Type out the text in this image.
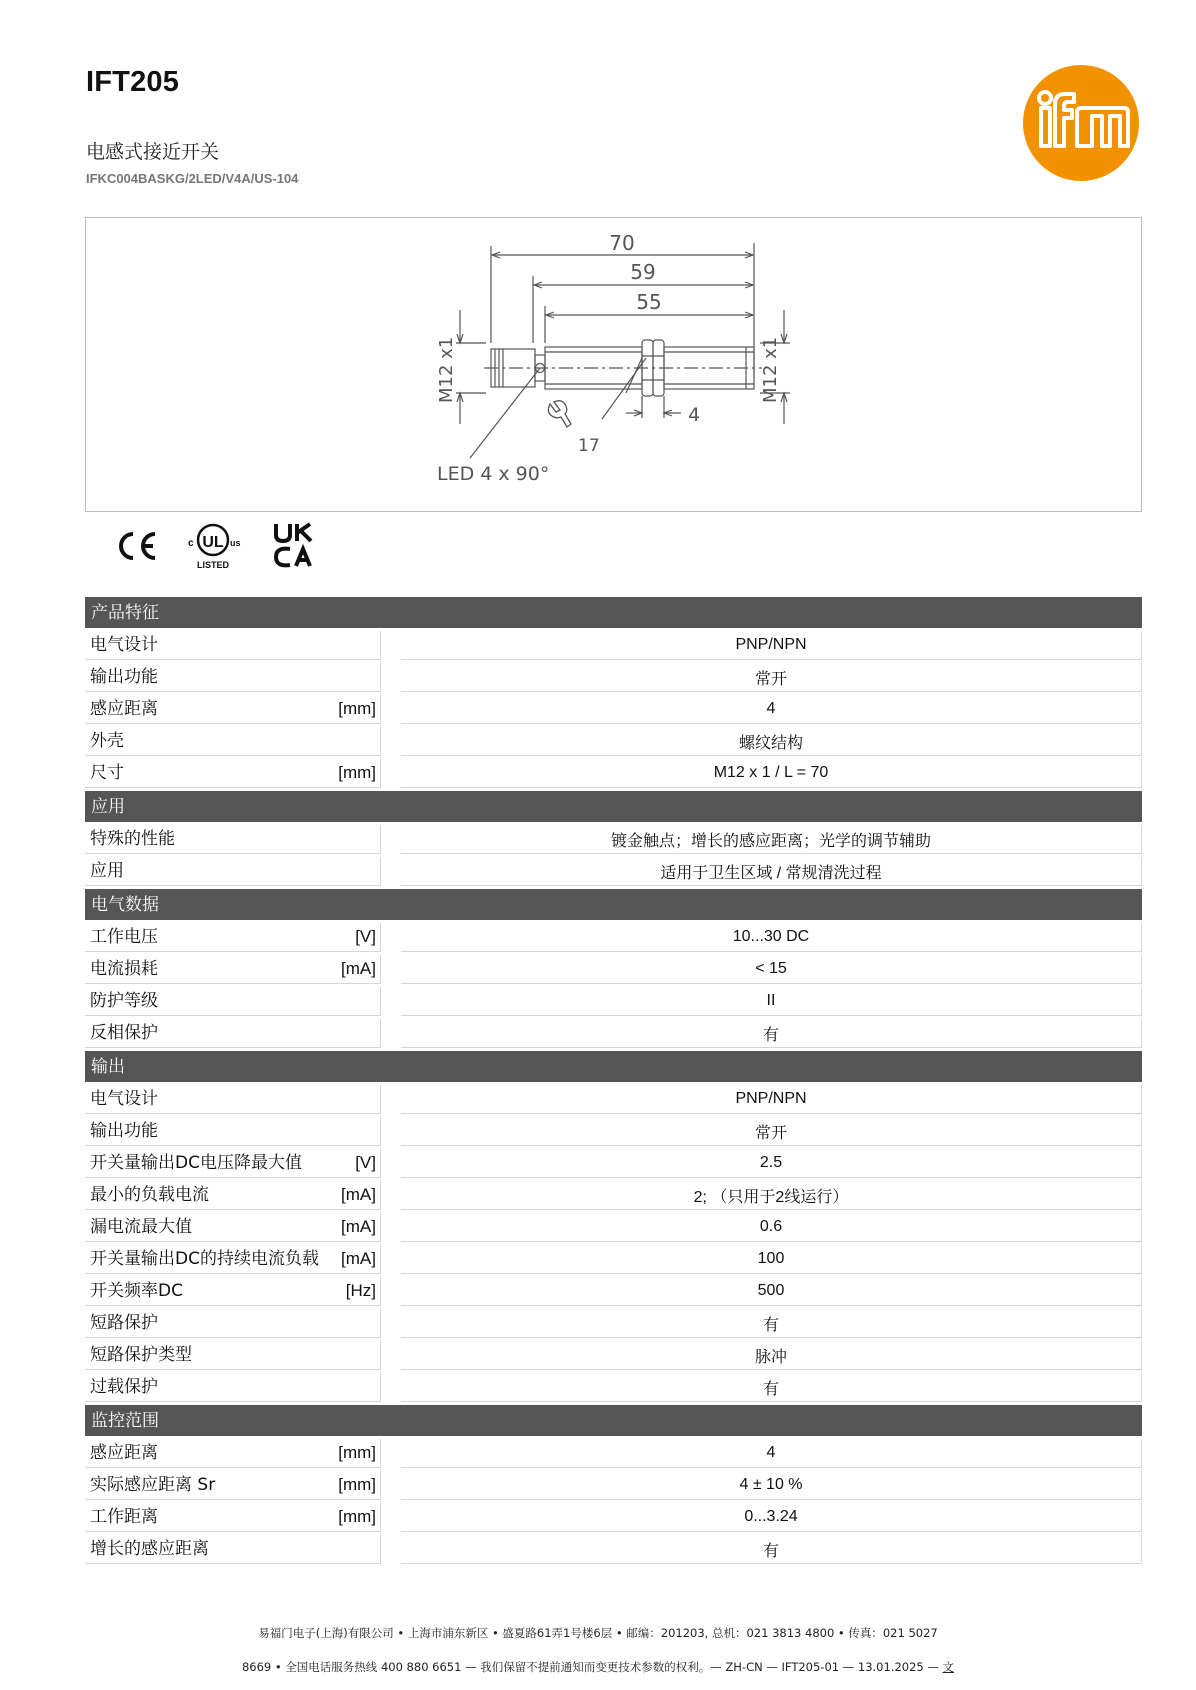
IFT205
电感式接近开关
IFKC004BASKG/2LED/V4A/US-104	ifm
70
59
55
M12 x1	M12 x1
LED 4 x 90°
17
4
CE
UL
c	us
LISTED
UK CA
产品特征
电气设计	PNP/NPN
输出功能	常开
感应距离	[mm]	4
外壳	螺纹结构
尺寸	[mm]	M12 x 1 / L = 70
应用
特殊的性能	镀金触点；增长的感应距离；光学的调节辅助
应用	适用于卫生区域 / 常规清洗过程
电气数据
工作电压	[V]	10...30 DC
电流损耗	[mA]	< 15
防护等级	II
反相保护	有
输出
电气设计	PNP/NPN
输出功能	常开
开关量输出DC电压降最大值	[V]	2.5
最小的负载电流	[mA]	2; （只用于2线运行）
漏电流最大值	[mA]	0.6
开关量输出DC的持续电流负载	[mA]	100
开关频率DC	[Hz]	500
短路保护	有
短路保护类型	脉冲
过载保护	有
监控范围
感应距离	[mm]	4
实际感应距离 Sr	[mm]	4 ± 10 %
工作距离	[mm]	0...3.24
增长的感应距离	有
易福门电子(上海)有限公司 • 上海市浦东新区 • 盛夏路61弄1号楼6层 • 邮编：201203, 总机：021 3813 4800 • 传真：021 5027
8669 • 全国电话服务热线 400 880 6651 — 我们保留不提前通知而变更技术参数的权利。— ZH-CN — IFT205-01 — 13.01.2025 — 文
